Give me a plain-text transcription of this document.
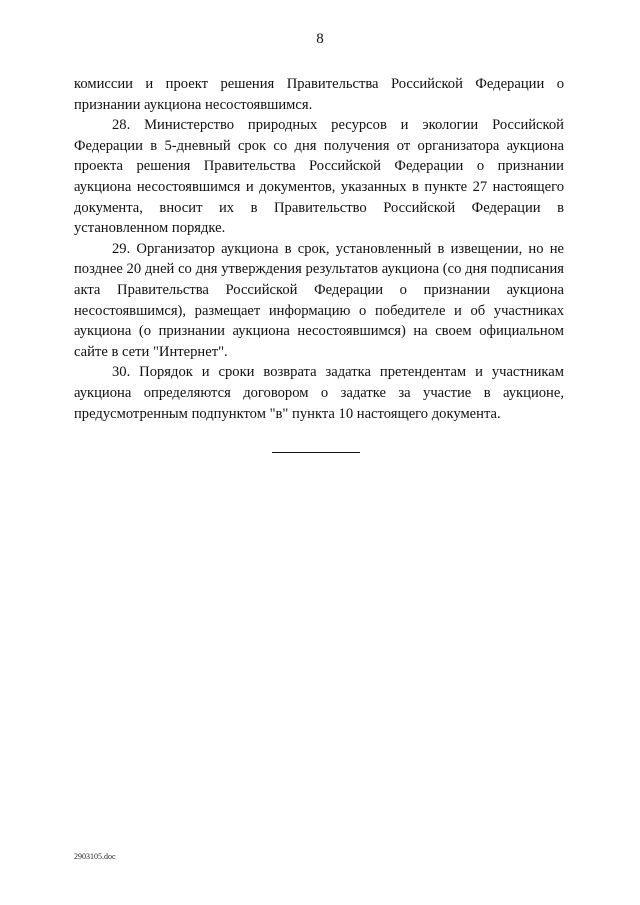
8

комиссии и проект решения Правительства Российской Федерации о признании аукциона несостоявшимся.

28. Министерство природных ресурсов и экологии Российской Федерации в 5-дневный срок со дня получения от организатора аукциона проекта решения Правительства Российской Федерации о признании аукциона несостоявшимся и документов, указанных в пункте 27 настоящего документа, вносит их в Правительство Российской Федерации в установленном порядке.

29. Организатор аукциона в срок, установленный в извещении, но не позднее 20 дней со дня утверждения результатов аукциона (со дня подписания акта Правительства Российской Федерации о признании аукциона несостоявшимся), размещает информацию о победителе и об участниках аукциона (о признании аукциона несостоявшимся) на своем официальном сайте в сети "Интернет".

30. Порядок и сроки возврата задатка претендентам и участникам аукциона определяются договором о задатке за участие в аукционе, предусмотренным подпунктом "в" пункта 10 настоящего документа.

2903105.doc
